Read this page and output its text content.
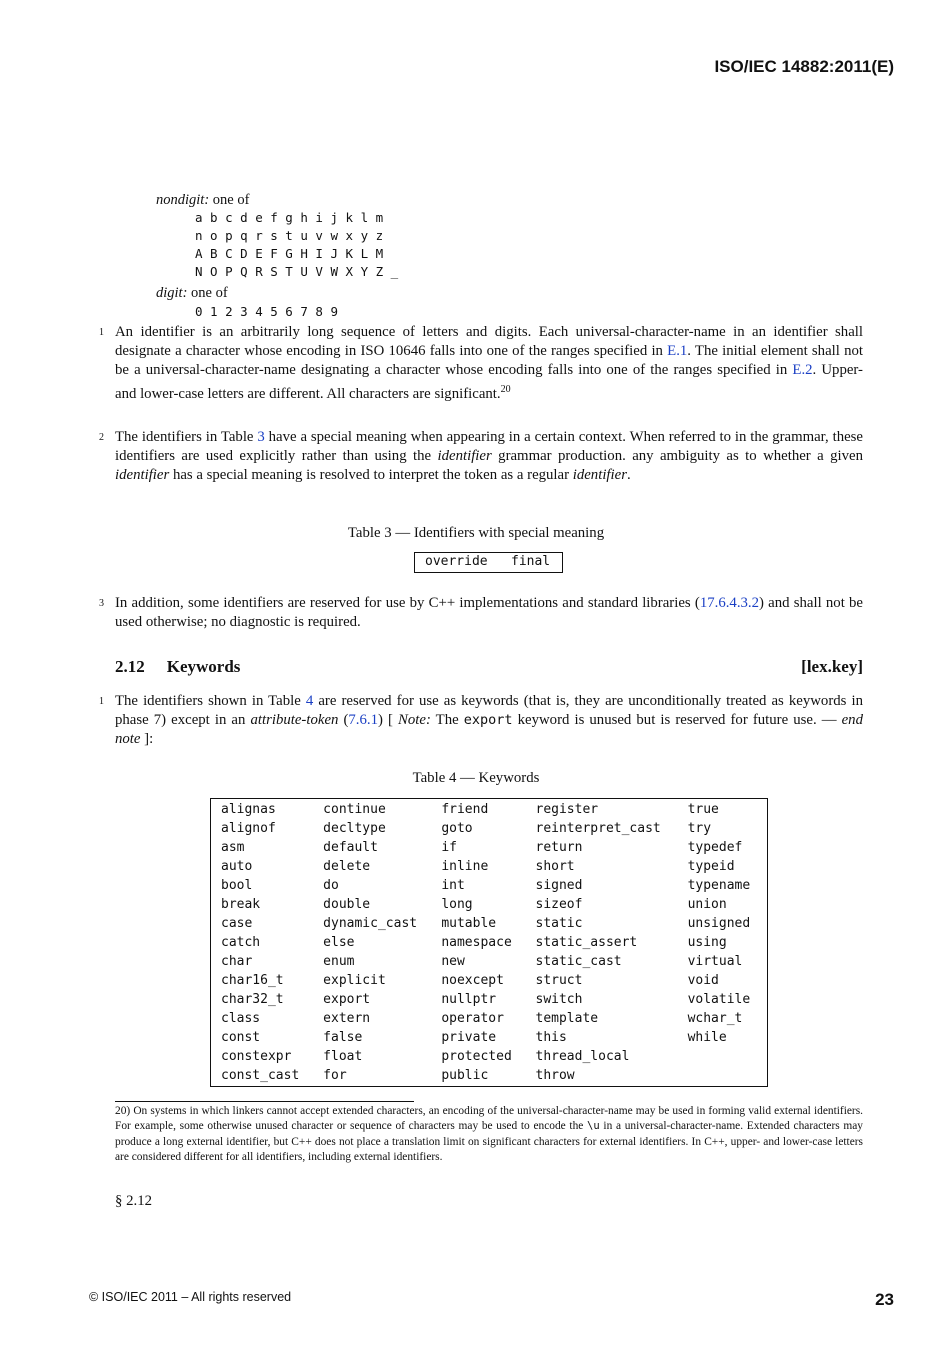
ISO/IEC 14882:2011(E)
nondigit: one of
a b c d e f g h i j k l m
n o p q r s t u v w x y z
A B C D E F G H I J K L M
N O P Q R S T U V W X Y Z _
digit: one of
0 1 2 3 4 5 6 7 8 9
1 An identifier is an arbitrarily long sequence of letters and digits. Each universal-character-name in an identifier shall designate a character whose encoding in ISO 10646 falls into one of the ranges specified in E.1. The initial element shall not be a universal-character-name designating a character whose encoding falls into one of the ranges specified in E.2. Upper- and lower-case letters are different. All characters are significant.$^{20}$
2 The identifiers in Table 3 have a special meaning when appearing in a certain context. When referred to in the grammar, these identifiers are used explicitly rather than using the identifier grammar production. any ambiguity as to whether a given identifier has a special meaning is resolved to interpret the token as a regular identifier.
Table 3 — Identifiers with special meaning
override final
3 In addition, some identifiers are reserved for use by C++ implementations and standard libraries (17.6.4.3.2) and shall not be used otherwise; no diagnostic is required.
2.12 Keywords	[lex.key]
1 The identifiers shown in Table 4 are reserved for use as keywords (that is, they are unconditionally treated as keywords in phase 7) except in an attribute-token (7.6.1) [ Note: The export keyword is unused but is reserved for future use. — end note ]:
Table 4 — Keywords
alignas	continue	friend	register	true
alignof	decltype	goto	reinterpret_cast	try
asm	default	if	return	typedef
auto	delete	inline	short	typeid
bool	do	int	signed	typename
break	double	long	sizeof	union
case	dynamic_cast	mutable	static	unsigned
catch	else	namespace	static_assert	using
char	enum	new	static_cast	virtual
char16_t	explicit	noexcept	struct	void
char32_t	export	nullptr	switch	volatile
class	extern	operator	template	wchar_t
const	false	private	this	while
constexpr	float	protected	thread_local	
const_cast	for	public	throw	
20) On systems in which linkers cannot accept extended characters, an encoding of the universal-character-name may be used in forming valid external identifiers. For example, some otherwise unused character or sequence of characters may be used to encode the \u in a universal-character-name. Extended characters may produce a long external identifier, but C++ does not place a translation limit on significant characters for external identifiers. In C++, upper- and lower-case letters are considered different for all identifiers, including external identifiers.
§ 2.12
© ISO/IEC 2011 – All rights reserved	23
